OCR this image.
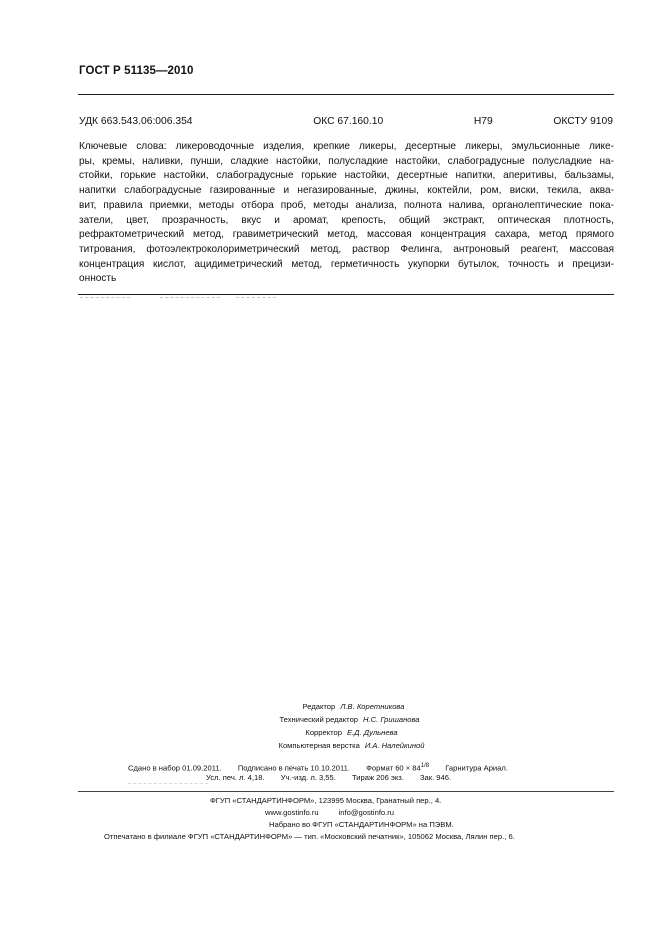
ГОСТ Р 51135—2010
УДК 663.543.06:006.354	ОКС 67.160.10	Н79	ОКСТУ 9109
Ключевые слова: ликероводочные изделия, крепкие ликеры, десертные ликеры, эмульсионные лике-
ры, кремы, наливки, пунши, сладкие настойки, полусладкие настойки, слабоградусные полусладкие на-
стойки, горькие настойки, слабоградусные горькие настойки, десертные напитки, аперитивы, бальзамы,
напитки слабоградусные газированные и негазированные, джины, коктейли, ром, виски, текила, аква-
вит, правила приемки, методы отбора проб, методы анализа, полнота налива, органолептические пока-
затели, цвет, прозрачность, вкус и аромат, крепость, общий экстракт, оптическая плотность,
рефрактометрический метод, гравиметрический метод, массовая концентрация сахара, метод прямого
титрования, фотоэлектроколориметрический метод, раствор Фелинга, антроновый реагент, массовая
концентрация кислот, ацидиметрический метод, герметичность укупорки бутылок, точность и прецизи-
онность
Редактор Л.В. Коретникова
Технический редактор Н.С. Гришанова
Корректор Е.Д. Дульнева
Компьютерная верстка И.А. Налейкиной
Сдано в набор 01.09.2011. Подписано в печать 10.10.2011. Формат $60 \times 84^{1/8}$ Гарнитура Ариал.
Усл. печ. л. 4,18. Уч.-изд. л. 3,55. Тираж 206 экз. Зак. 946.
ФГУП «СТАНДАРТИНФОРМ», 123995 Москва, Гранатный пер., 4.
www.gostinfo.ru	info@gostinfo.ru
Набрано во ФГУП «СТАНДАРТИНФОРМ» на ПЭВМ.
Отпечатано в филиале ФГУП «СТАНДАРТИНФОРМ» — тип. «Московский печатник», 105062 Москва, Лялин пер., 6.
